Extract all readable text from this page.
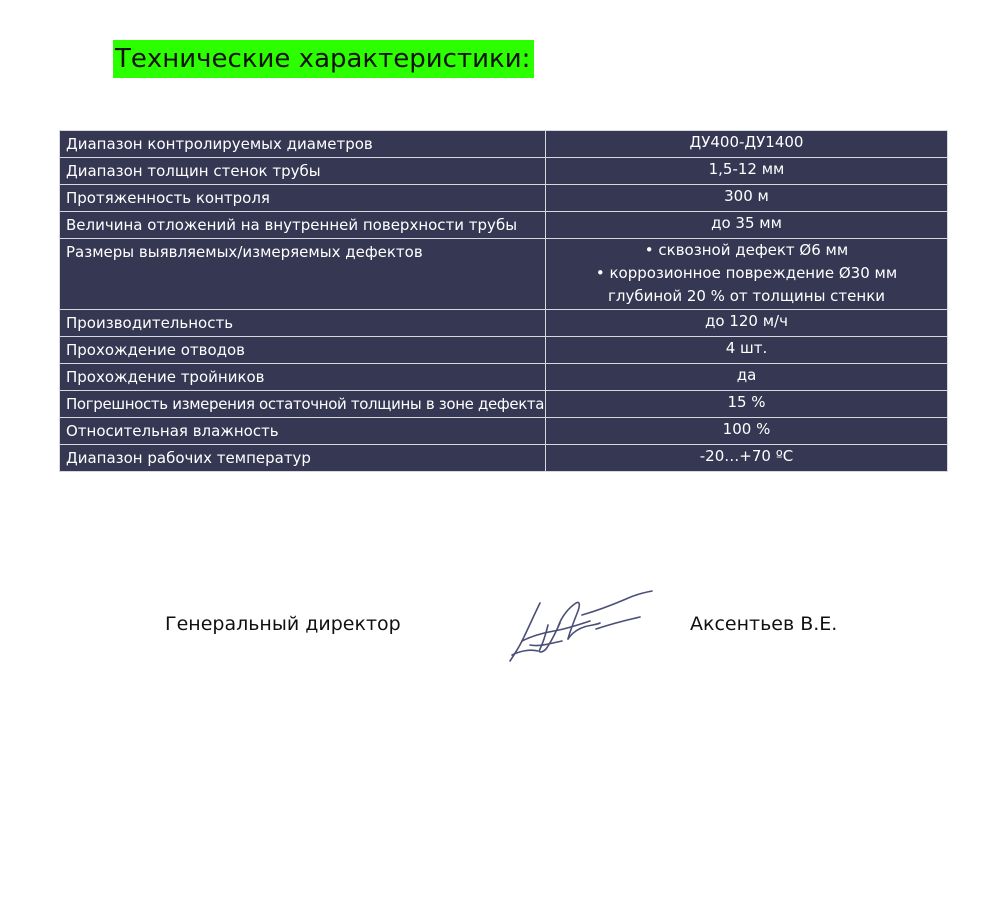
Технические характеристики:
Диапазон контролируемых диаметров	ДУ400-ДУ1400

Диапазон толщин стенок трубы	1,5-12 мм

Протяженность контроля	300 м

Величина отложений на внутренней поверхности трубы	до 35 мм

Размеры выявляемых/измеряемых дефектов	• сквозной дефект Ø6 мм
• коррозионное повреждение Ø30 мм
глубиной 20 % от толщины стенки

Производительность	до 120 м/ч

Прохождение отводов	4 шт.

Прохождение тройников	да

Погрешность измерения остаточной толщины в зоне дефекта	15 %

Относительная влажность	100 %

Диапазон рабочих температур	-20…+70 ºС
Генеральный директор	Аксентьев В.Е.
